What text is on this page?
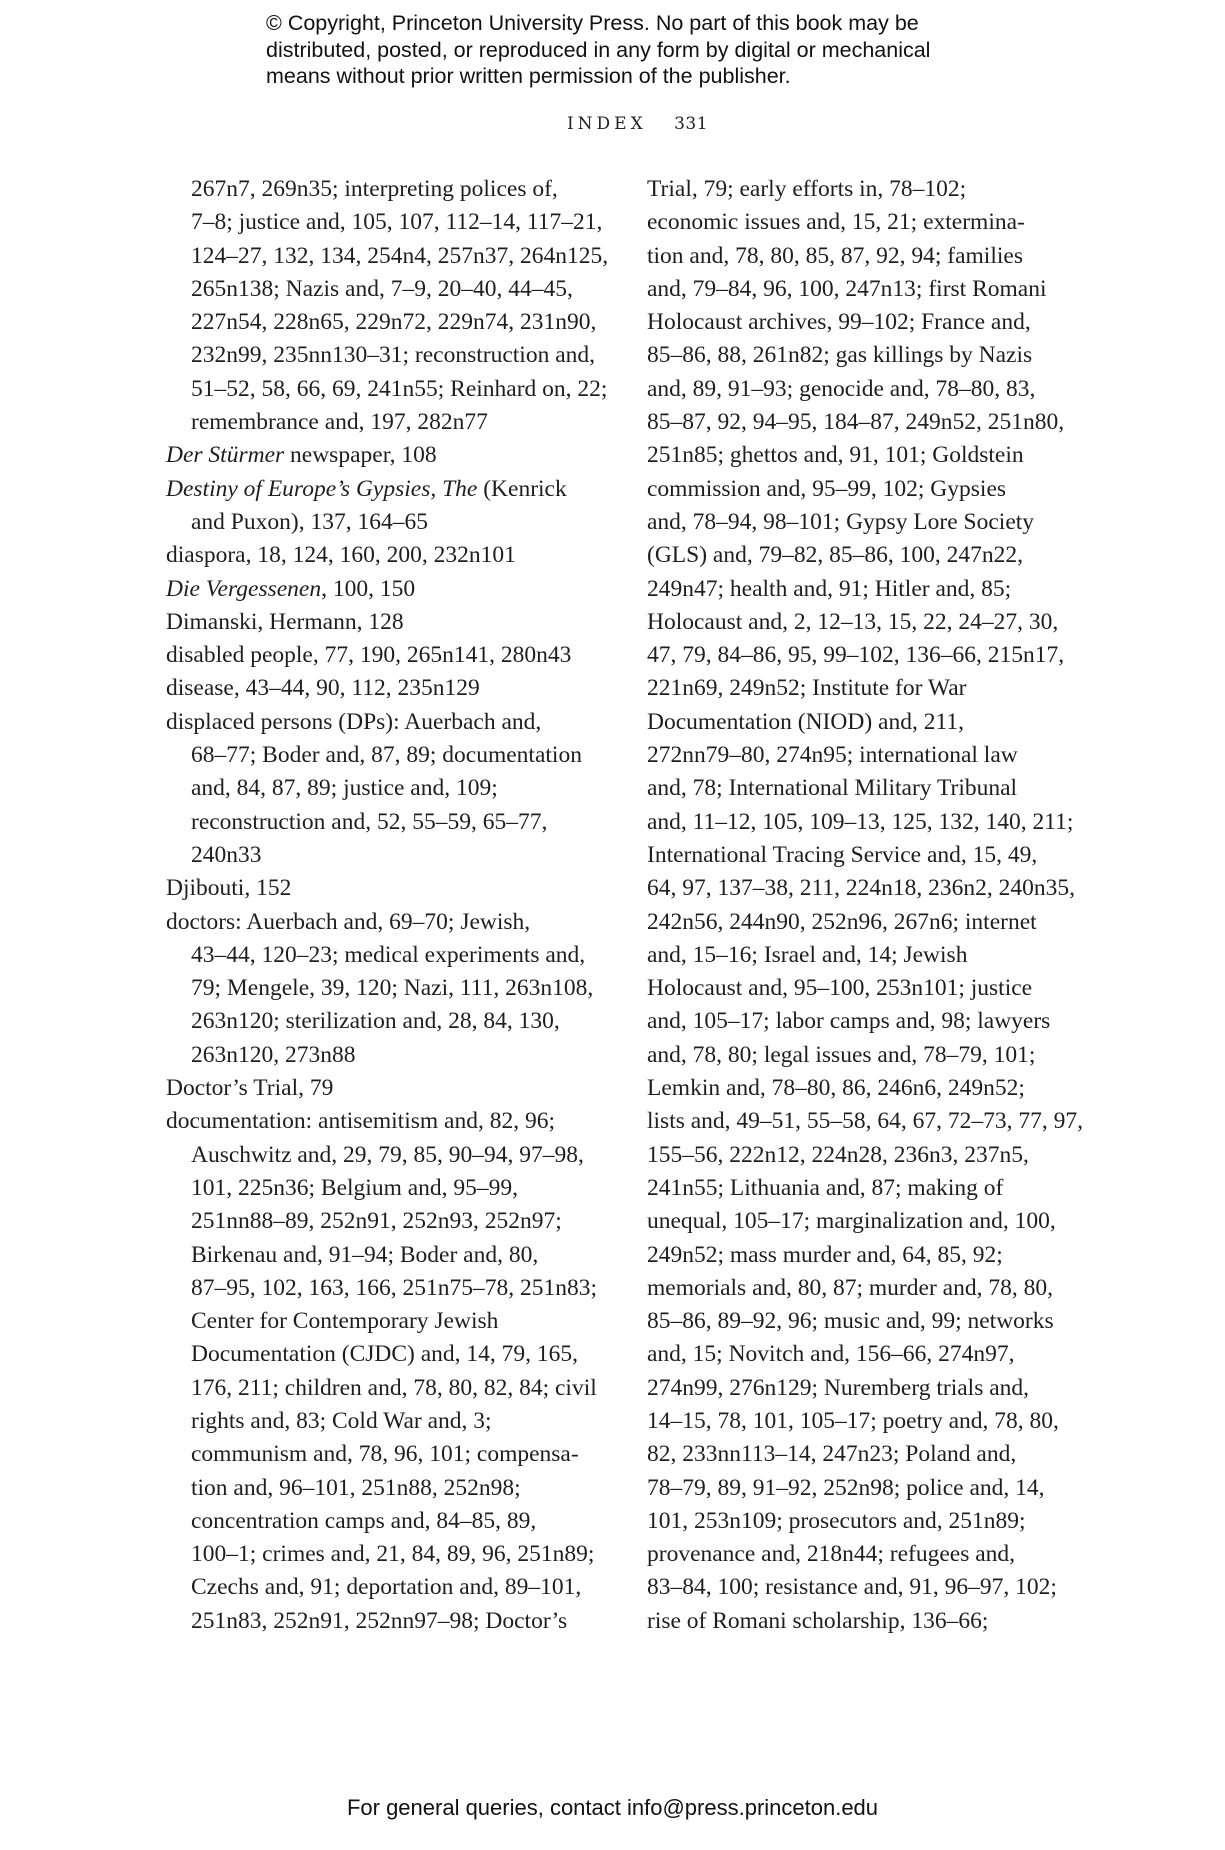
© Copyright, Princeton University Press. No part of this book may be
distributed, posted, or reproduced in any form by digital or mechanical
means without prior written permission of the publisher.
INDEX 331
267n7, 269n35; interpreting polices of,
7–8; justice and, 105, 107, 112–14, 117–21,
124–27, 132, 134, 254n4, 257n37, 264n125,
265n138; Nazis and, 7–9, 20–40, 44–45,
227n54, 228n65, 229n72, 229n74, 231n90,
232n99, 235nn130–31; reconstruction and,
51–52, 58, 66, 69, 241n55; Reinhard on, 22;
remembrance and, 197, 282n77
Der Stürmer newspaper, 108
Destiny of Europe’s Gypsies, The (Kenrick
and Puxon), 137, 164–65
diaspora, 18, 124, 160, 200, 232n101
Die Vergessenen, 100, 150
Dimanski, Hermann, 128
disabled people, 77, 190, 265n141, 280n43
disease, 43–44, 90, 112, 235n129
displaced persons (DPs): Auerbach and,
68–77; Boder and, 87, 89; documentation
and, 84, 87, 89; justice and, 109;
reconstruction and, 52, 55–59, 65–77,
240n33
Djibouti, 152
doctors: Auerbach and, 69–70; Jewish,
43–44, 120–23; medical experiments and,
79; Mengele, 39, 120; Nazi, 111, 263n108,
263n120; sterilization and, 28, 84, 130,
263n120, 273n88
Doctor’s Trial, 79
documentation: antisemitism and, 82, 96;
Auschwitz and, 29, 79, 85, 90–94, 97–98,
101, 225n36; Belgium and, 95–99,
251nn88–89, 252n91, 252n93, 252n97;
Birkenau and, 91–94; Boder and, 80,
87–95, 102, 163, 166, 251n75–78, 251n83;
Center for Contemporary Jewish
Documentation (CJDC) and, 14, 79, 165,
176, 211; children and, 78, 80, 82, 84; civil
rights and, 83; Cold War and, 3;
communism and, 78, 96, 101; compensa-
tion and, 96–101, 251n88, 252n98;
concentration camps and, 84–85, 89,
100–1; crimes and, 21, 84, 89, 96, 251n89;
Czechs and, 91; deportation and, 89–101,
251n83, 252n91, 252nn97–98; Doctor’s
Trial, 79; early efforts in, 78–102;
economic issues and, 15, 21; extermina-
tion and, 78, 80, 85, 87, 92, 94; families
and, 79–84, 96, 100, 247n13; first Romani
Holocaust archives, 99–102; France and,
85–86, 88, 261n82; gas killings by Nazis
and, 89, 91–93; genocide and, 78–80, 83,
85–87, 92, 94–95, 184–87, 249n52, 251n80,
251n85; ghettos and, 91, 101; Goldstein
commission and, 95–99, 102; Gypsies
and, 78–94, 98–101; Gypsy Lore Society
(GLS) and, 79–82, 85–86, 100, 247n22,
249n47; health and, 91; Hitler and, 85;
Holocaust and, 2, 12–13, 15, 22, 24–27, 30,
47, 79, 84–86, 95, 99–102, 136–66, 215n17,
221n69, 249n52; Institute for War
Documentation (NIOD) and, 211,
272nn79–80, 274n95; international law
and, 78; International Military Tribunal
and, 11–12, 105, 109–13, 125, 132, 140, 211;
International Tracing Service and, 15, 49,
64, 97, 137–38, 211, 224n18, 236n2, 240n35,
242n56, 244n90, 252n96, 267n6; internet
and, 15–16; Israel and, 14; Jewish
Holocaust and, 95–100, 253n101; justice
and, 105–17; labor camps and, 98; lawyers
and, 78, 80; legal issues and, 78–79, 101;
Lemkin and, 78–80, 86, 246n6, 249n52;
lists and, 49–51, 55–58, 64, 67, 72–73, 77, 97,
155–56, 222n12, 224n28, 236n3, 237n5,
241n55; Lithuania and, 87; making of
unequal, 105–17; marginalization and, 100,
249n52; mass murder and, 64, 85, 92;
memorials and, 80, 87; murder and, 78, 80,
85–86, 89–92, 96; music and, 99; networks
and, 15; Novitch and, 156–66, 274n97,
274n99, 276n129; Nuremberg trials and,
14–15, 78, 101, 105–17; poetry and, 78, 80,
82, 233nn113–14, 247n23; Poland and,
78–79, 89, 91–92, 252n98; police and, 14,
101, 253n109; prosecutors and, 251n89;
provenance and, 218n44; refugees and,
83–84, 100; resistance and, 91, 96–97, 102;
rise of Romani scholarship, 136–66;
For general queries, contact info@press.princeton.edu
